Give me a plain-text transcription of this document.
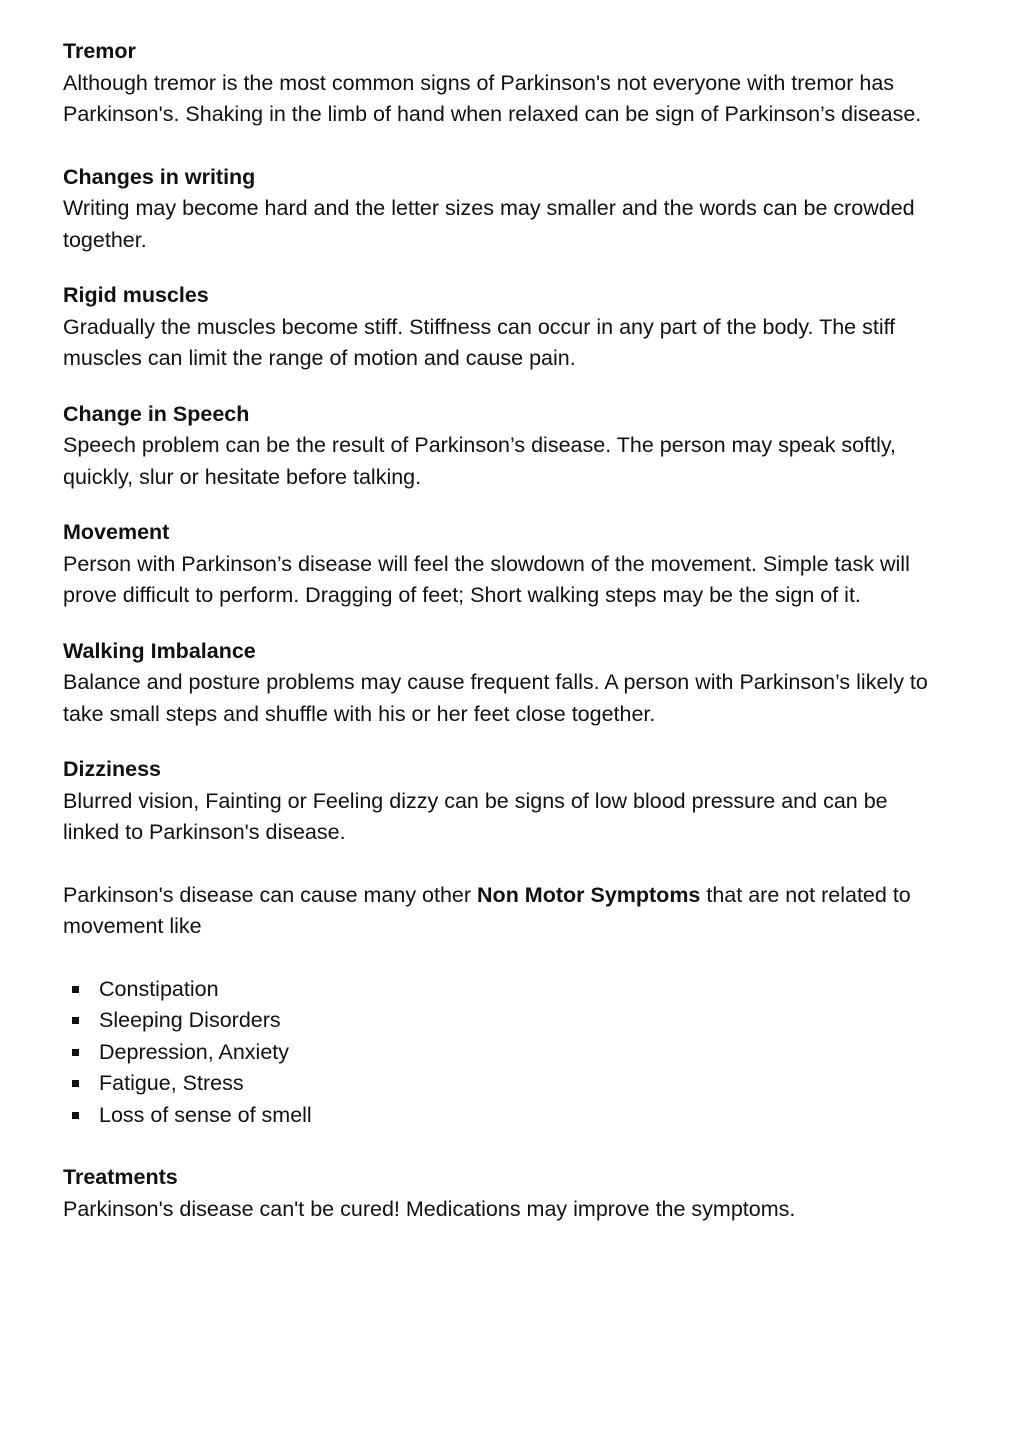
Tremor

Although tremor is the most common signs of Parkinson's not everyone with tremor has Parkinson's. Shaking in the limb of hand when relaxed can be sign of Parkinson’s disease.

Changes in writing

Writing may become hard and the letter sizes may smaller and the words can be crowded together.

Rigid muscles

Gradually the muscles become stiff. Stiffness can occur in any part of the body. The stiff muscles can limit the range of motion and cause pain.

Change in Speech

Speech problem can be the result of Parkinson’s disease. The person may speak softly, quickly, slur or hesitate before talking.

Movement

Person with Parkinson’s disease will feel the slowdown of the movement. Simple task will prove difficult to perform. Dragging of feet; Short walking steps may be the sign of it.

Walking Imbalance

Balance and posture problems may cause frequent falls. A person with Parkinson’s likely to take small steps and shuffle with his or her feet close together.

Dizziness

Blurred vision, Fainting or Feeling dizzy can be signs of low blood pressure and can be linked to Parkinson's disease.

Parkinson's disease can cause many other Non Motor Symptoms that are not related to movement like

Constipation
Sleeping Disorders
Depression, Anxiety
Fatigue, Stress
Loss of sense of smell

Treatments

Parkinson's disease can't be cured! Medications may improve the symptoms.
